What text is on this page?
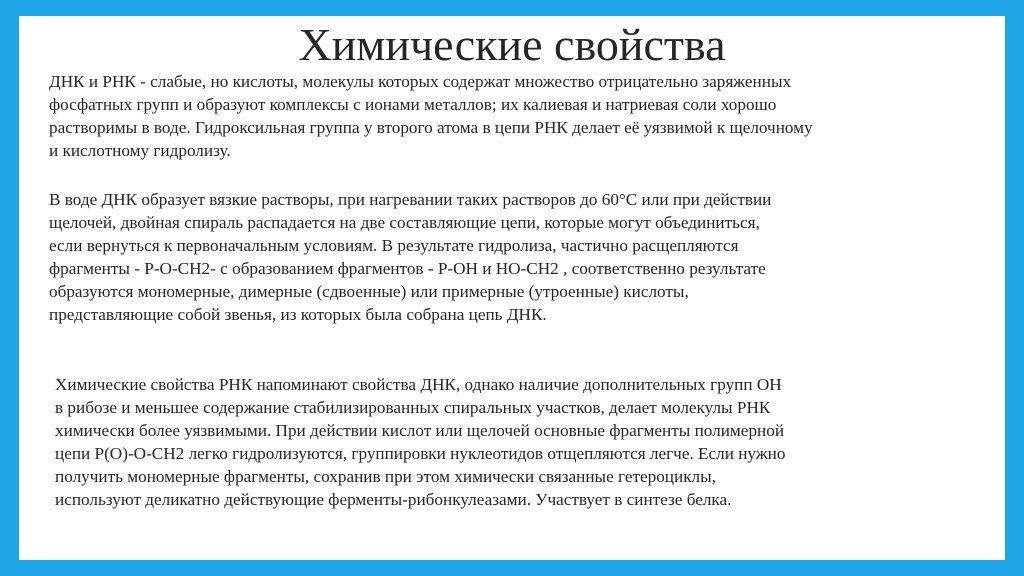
Химические свойства

ДНК и РНК - слабые, но кислоты, молекулы которых содержат множество отрицательно заряженных
фосфатных групп и образуют комплексы с ионами металлов; их калиевая и натриевая соли хорошо
растворимы в воде. Гидроксильная группа у второго атома в цепи РНК делает её уязвимой к щелочному
и кислотному гидролизу.

В воде ДНК образует вязкие растворы, при нагревании таких растворов до 60°С или при действии
щелочей, двойная спираль распадается на две составляющие цепи, которые могут объединиться,
если вернуться к первоначальным условиям. В результате гидролиза, частично расщепляются
фрагменты - Р-О-СН2- с образованием фрагментов - Р-ОН и НО-СН2 , соответственно результате
образуются мономерные, димерные (сдвоенные) или примерные (утроенные) кислоты,
представляющие собой звенья, из которых была собрана цепь ДНК.

Химические свойства РНК напоминают свойства ДНК, однако наличие дополнительных групп ОН
в рибозе и меньшее содержание стабилизированных спиральных участков, делает молекулы РНК
химически более уязвимыми. При действии кислот или щелочей основные фрагменты полимерной
цепи Р(О)-О-СН2 легко гидролизуются, группировки нуклеотидов отщепляются легче. Если нужно
получить мономерные фрагменты, сохранив при этом химически связанные гетероциклы,
используют деликатно действующие ферменты-рибонкулеазами. Участвует в синтезе белка.
